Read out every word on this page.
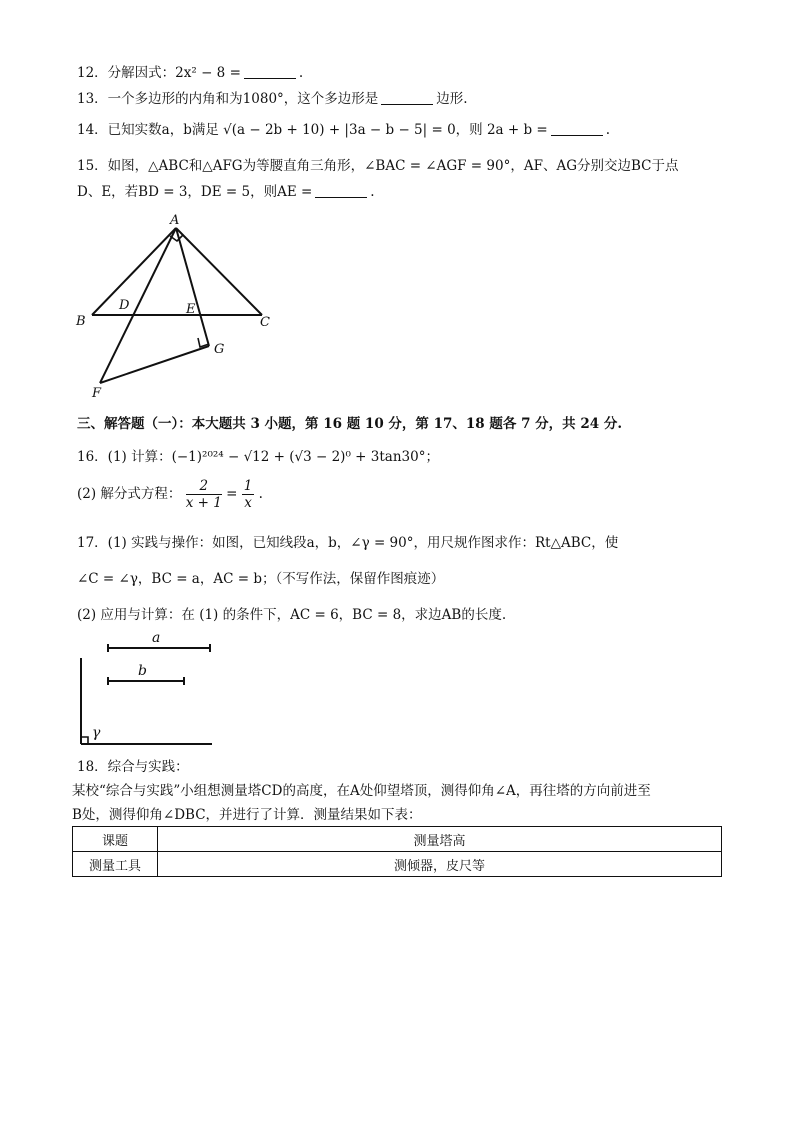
12．分解因式：2x² − 8 =	.
13．一个多边形的内角和为1080°，这个多边形是	边形.
14．已知实数a，b满足 √(a − 2b + 10) + |3a − b − 5| = 0，则 2a + b =	.
15．如图，△ABC和△AFG为等腰直角三角形，∠BAC = ∠AGF = 90°，AF、AG分别交边BC于点
D、E，若BD = 3，DE = 5，则AE =	.
A
B	C
D	E
G
F
三、解答题（一）：本大题共 3 小题，第 16 题 10 分，第 17、18 题各 7 分，共 24 分.
16．(1) 计算：(−1)²⁰²⁴ − √12 + (√3 − 2)⁰ + 3tan30°；
(2) 解分式方程： $\frac{2}{x + 1} = \frac{1}{x}$ .
17．(1) 实践与操作：如图，已知线段a，b，∠γ = 90°，用尺规作图求作：Rt△ABC，使
∠C = ∠γ，BC = a，AC = b；（不写作法，保留作图痕迹）
(2) 应用与计算：在 (1) 的条件下，AC = 6，BC = 8，求边AB的长度.
a
b
γ
18．综合与实践：
某校“综合与实践”小组想测量塔CD的高度，在A处仰望塔顶，测得仰角∠A，再往塔的方向前进至
B处，测得仰角∠DBC，并进行了计算．测量结果如下表：
课题	测量塔高
测量工具	测倾器，皮尺等
